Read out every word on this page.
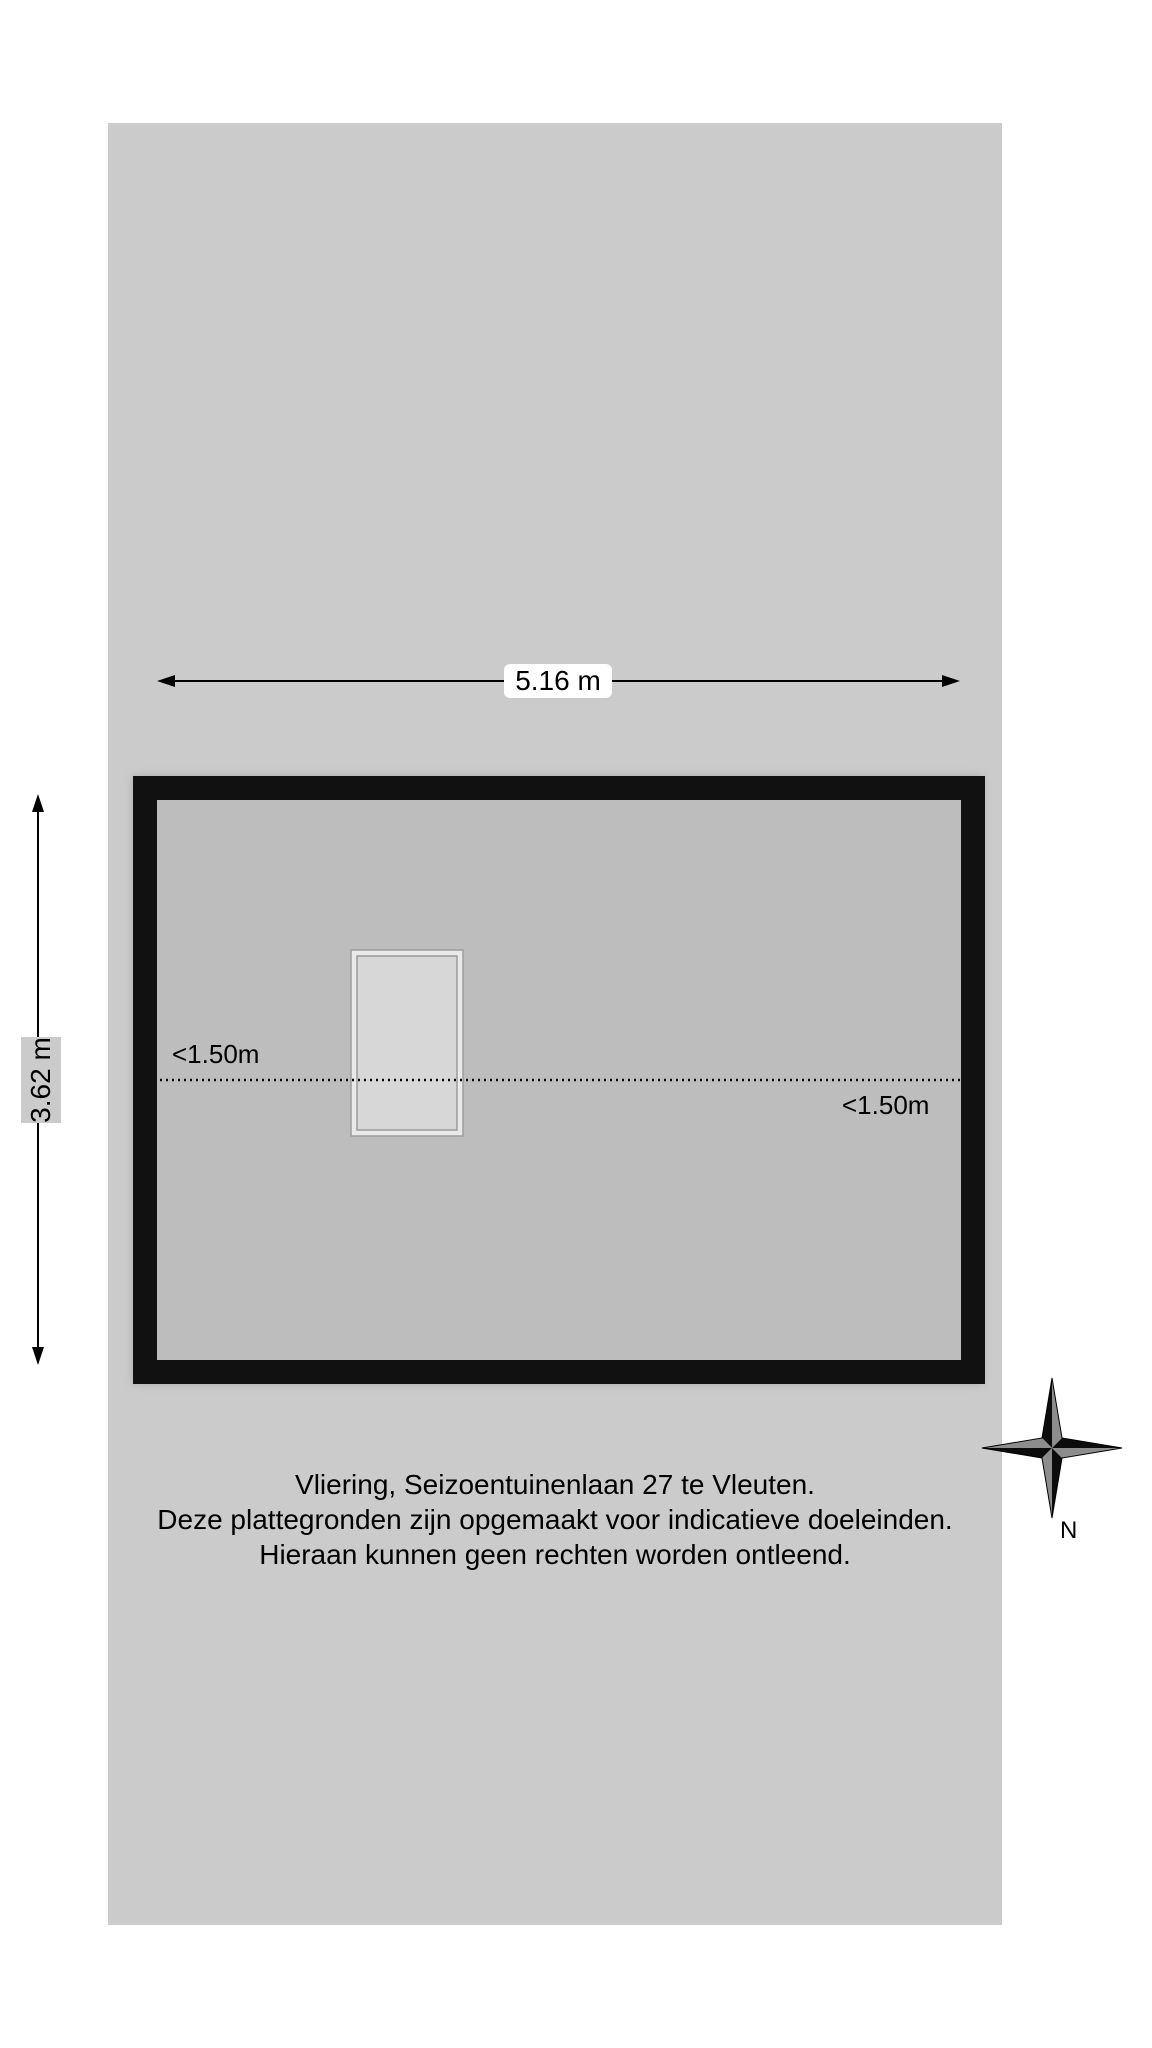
5.16 m
3.62 m	<1.50m
<1.50m
Vliering, Seizoentuinenlaan 27 te Vleuten.
Deze plattegronden zijn opgemaakt voor indicatieve doeleinden.
Hieraan kunnen geen rechten worden ontleend.
N
